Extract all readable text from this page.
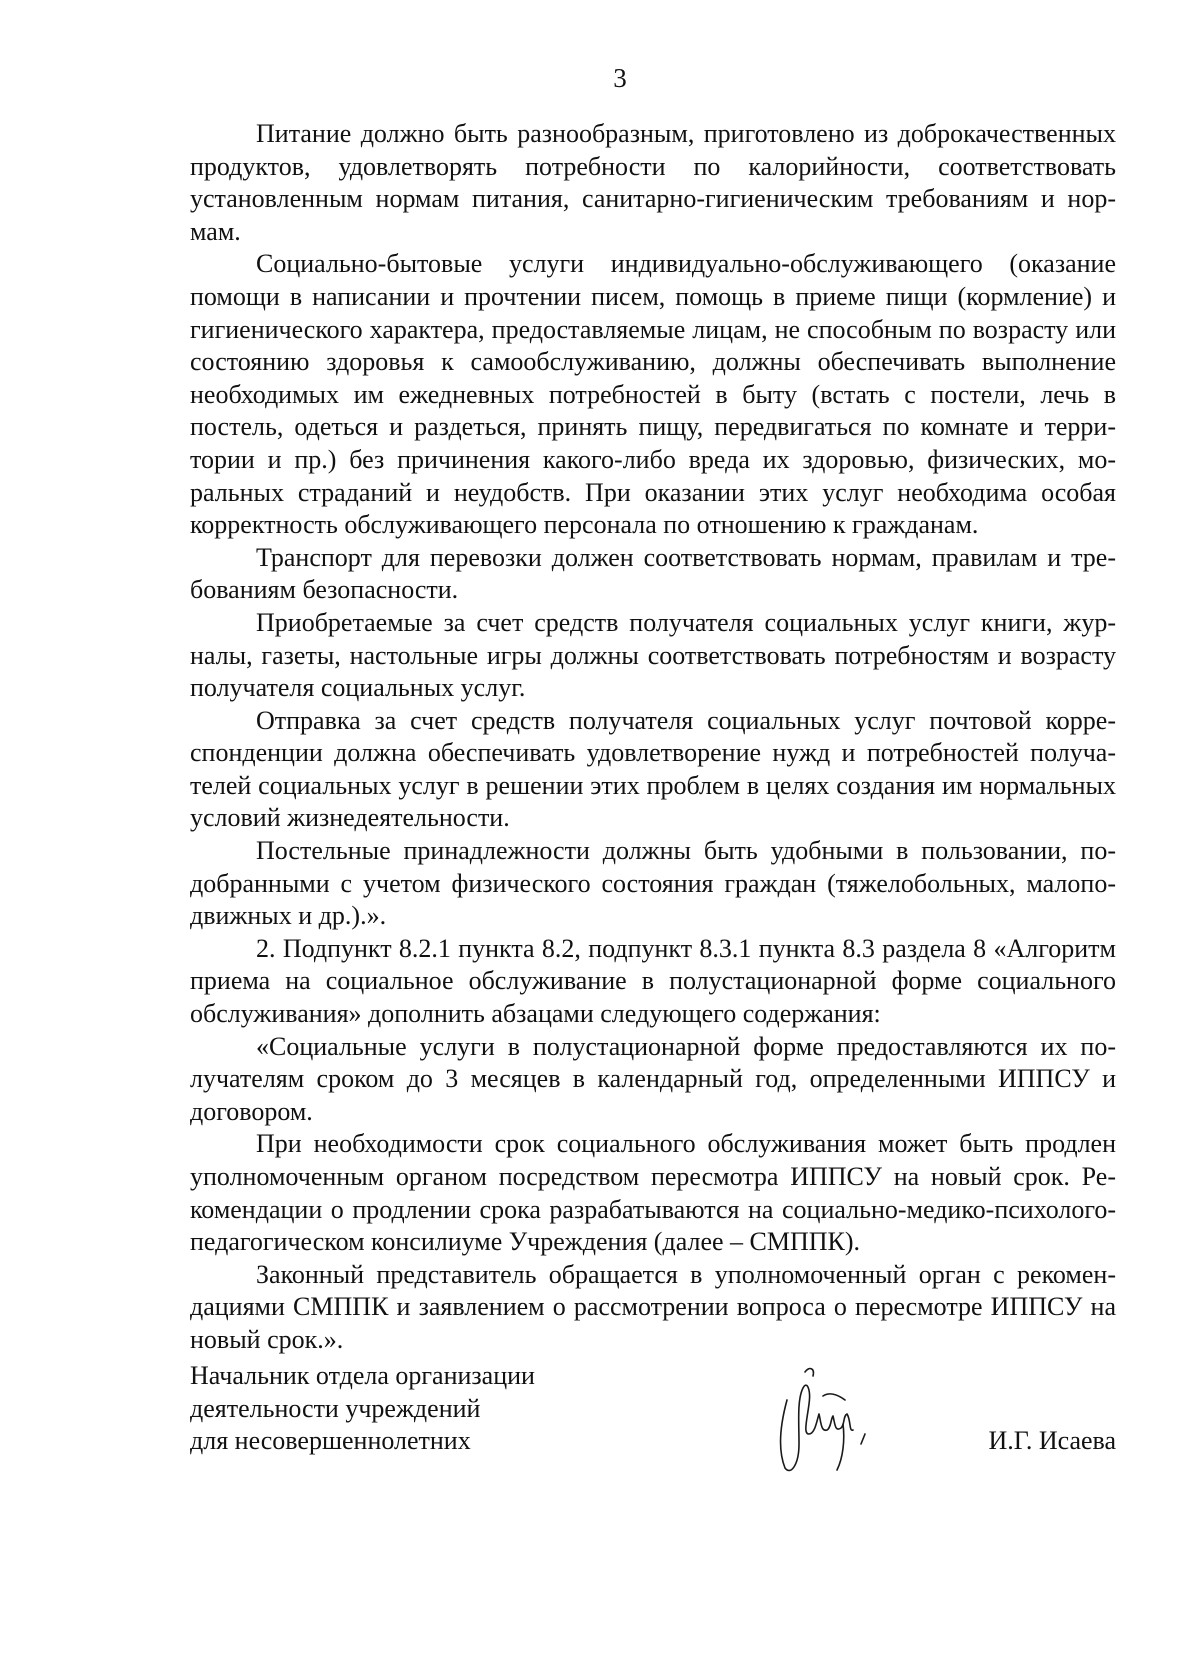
3

Питание должно быть разнообразным, приготовлено из доброкачественных продуктов, удовлетворять потребности по калорийности, соответствовать установленным нормам питания, санитарно-гигиеническим требованиям и нормам.

Социально-бытовые услуги индивидуально-обслуживающего (оказание помощи в написании и прочтении писем, помощь в приеме пищи (кормление) и гигиенического характера, предоставляемые лицам, не способным по возрасту или состоянию здоровья к самообслуживанию, должны обеспечивать выполнение необходимых им ежедневных потребностей в быту (встать с постели, лечь в постель, одеться и раздеться, принять пищу, передвигаться по комнате и территории и пр.) без причинения какого-либо вреда их здоровью, физических, моральных страданий и неудобств. При оказании этих услуг необходима особая корректность обслуживающего персонала по отношению к гражданам.

Транспорт для перевозки должен соответствовать нормам, правилам и требованиям безопасности.

Приобретаемые за счет средств получателя социальных услуг книги, журналы, газеты, настольные игры должны соответствовать потребностям и возрасту получателя социальных услуг.

Отправка за счет средств получателя социальных услуг почтовой корреспонденции должна обеспечивать удовлетворение нужд и потребностей получателей социальных услуг в решении этих проблем в целях создания им нормальных условий жизнедеятельности.

Постельные принадлежности должны быть удобными в пользовании, подобранными с учетом физического состояния граждан (тяжелобольных, малоподвижных и др.).».

2. Подпункт 8.2.1 пункта 8.2, подпункт 8.3.1 пункта 8.3 раздела 8 «Алгоритм приема на социальное обслуживание в полустационарной форме социального обслуживания» дополнить абзацами следующего содержания:

«Социальные услуги в полустационарной форме предоставляются их получателям сроком до 3 месяцев в календарный год, определенными ИППСУ и договором.

При необходимости срок социального обслуживания может быть продлен уполномоченным органом посредством пересмотра ИППСУ на новый срок. Рекомендации о продлении срока разрабатываются на социально-медико-психолого-педагогическом консилиуме Учреждения (далее – СМППК).

Законный представитель обращается в уполномоченный орган с рекомендациями СМППК и заявлением о рассмотрении вопроса о пересмотре ИППСУ на новый срок.».

Начальник отдела организации
деятельности учреждений
для несовершеннолетних	И.Г. Исаева
